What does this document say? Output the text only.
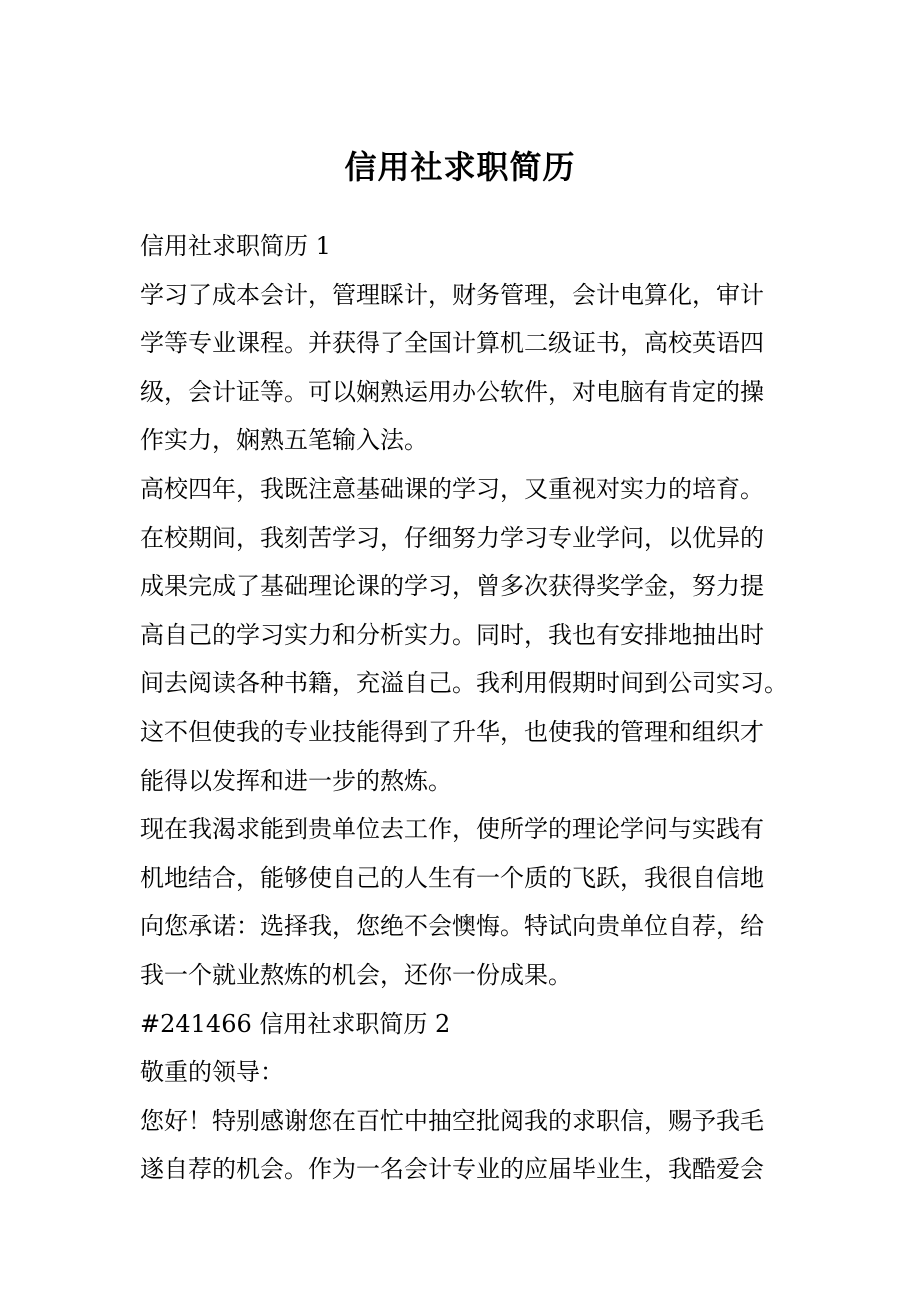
信用社求职简历
信用社求职简历 1
学习了成本会计，管理睬计，财务管理，会计电算化，审计
学等专业课程。并获得了全国计算机二级证书，高校英语四
级，会计证等。可以娴熟运用办公软件，对电脑有肯定的操
作实力，娴熟五笔输入法。
高校四年，我既注意基础课的学习，又重视对实力的培育。
在校期间，我刻苦学习，仔细努力学习专业学问，以优异的
成果完成了基础理论课的学习，曾多次获得奖学金，努力提
高自己的学习实力和分析实力。同时，我也有安排地抽出时
间去阅读各种书籍，充溢自己。我利用假期时间到公司实习。
这不但使我的专业技能得到了升华，也使我的管理和组织才
能得以发挥和进一步的熬炼。
现在我渴求能到贵单位去工作，使所学的理论学问与实践有
机地结合，能够使自己的人生有一个质的飞跃，我很自信地
向您承诺：选择我，您绝不会懊悔。特试向贵单位自荐，给
我一个就业熬炼的机会，还你一份成果。
#241466 信用社求职简历 2
敬重的领导：
您好！特别感谢您在百忙中抽空批阅我的求职信，赐予我毛
遂自荐的机会。作为一名会计专业的应届毕业生，我酷爱会
